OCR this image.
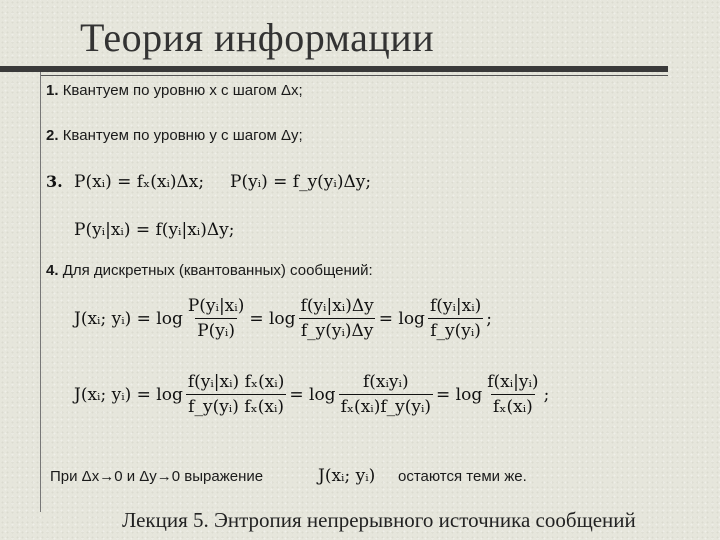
Теория информации
1. Квантуем по уровню x с шагом Δx;
2. Квантуем по уровню y с шагом Δy;
3. P(xᵢ) = fₓ(xᵢ)Δx; P(yᵢ) = f_y(yᵢ)Δy;
P(yᵢ|xᵢ) = f(yᵢ|xᵢ)Δy;
4. Для дискретных (квантованных) сообщений:
J(xᵢ; yᵢ) = $\log \frac{\text{P(yᵢ|xᵢ)}}{\text{P(yᵢ)}} = \log \frac{\text{f(yᵢ|xᵢ)Δy}}{\text{f\_y(yᵢ)Δy}} = \log \frac{\text{f(yᵢ|xᵢ)}}{\text{f\_y(yᵢ)}}$ ;
J(xᵢ; yᵢ) = $\log \frac{\text{f(yᵢ|xᵢ) fₓ(xᵢ)}}{\text{f\_y(yᵢ) fₓ(xᵢ)}} = \log \frac{\text{f(xᵢyᵢ)}}{\text{fₓ(xᵢ)f\_y(yᵢ)}} = \log \frac{\text{f(xᵢ|yᵢ)}}{\text{fₓ(xᵢ)}}$ ;
При Δx→0 и Δy→0 выражение	J(xᵢ; yᵢ) остаются теми же.
Лекция 5. Энтропия непрерывного источника сообщений
